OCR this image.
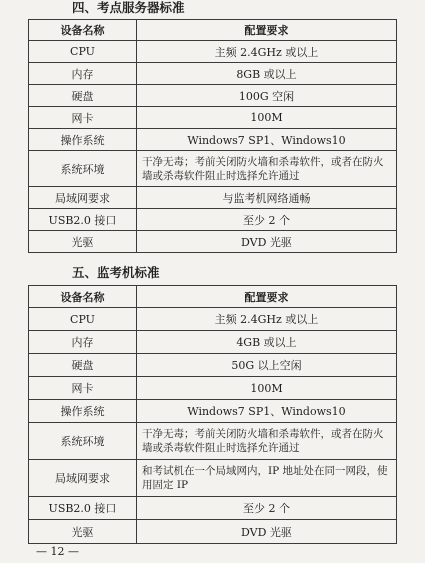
四、考点服务器标准
设备名称	配置要求
CPU	主频 2.4GHz 或以上
内存	8GB 或以上
硬盘	100G 空闲
网卡	100M
操作系统	Windows7 SP1、Windows10
系统环境	干净无毒；考前关闭防火墙和杀毒软件，或者在防火墙或杀毒软件阻止时选择允许通过
局域网要求	与监考机网络通畅
USB2.0 接口	至少 2 个
光驱	DVD 光驱
五、监考机标准
设备名称	配置要求
CPU	主频 2.4GHz 或以上
内存	4GB 或以上
硬盘	50G 以上空闲
网卡	100M
操作系统	Windows7 SP1、Windows10
系统环境	干净无毒；考前关闭防火墙和杀毒软件，或者在防火墙或杀毒软件阻止时选择允许通过
局域网要求	和考试机在一个局域网内，IP 地址处在同一网段，使用固定 IP
USB2.0 接口	至少 2 个
光驱	DVD 光驱
— 12 —
